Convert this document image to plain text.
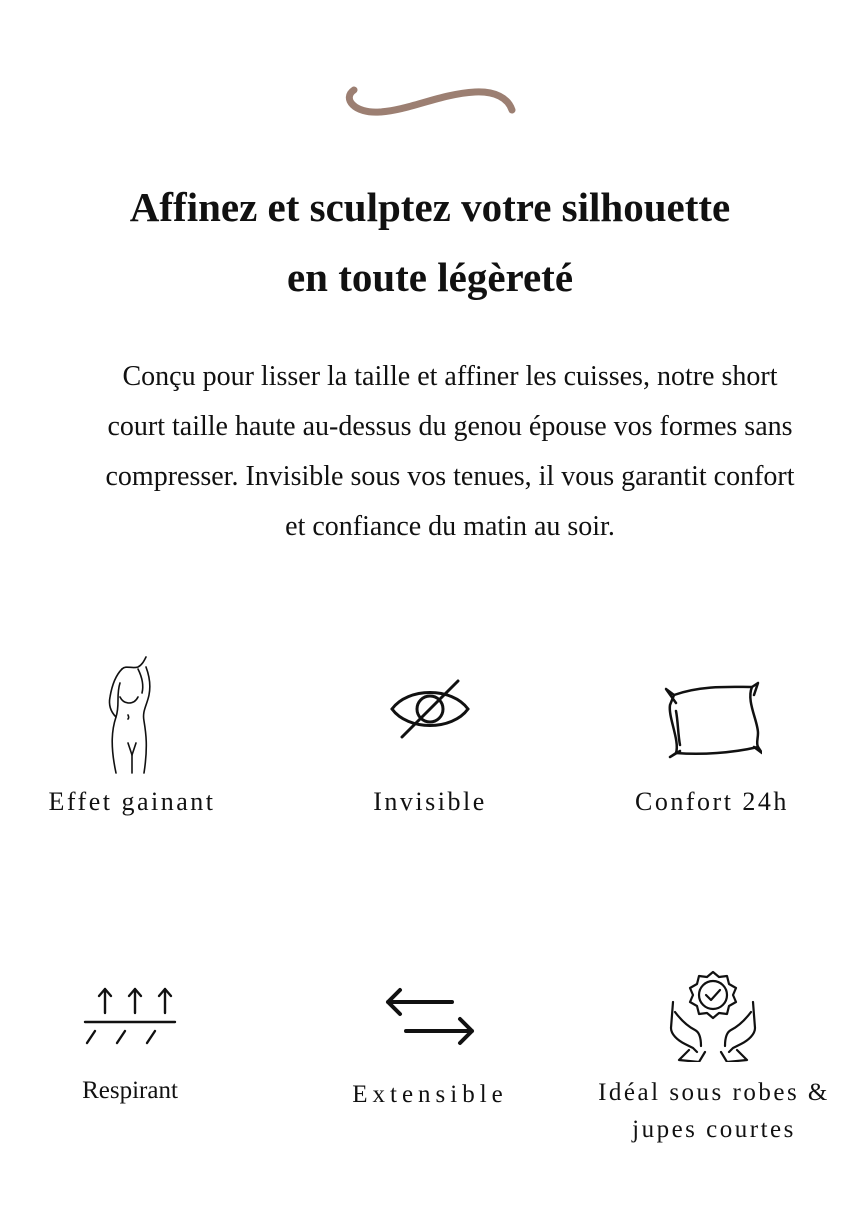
Affinez et sculptez votre silhouette
en toute légèreté

Conçu pour lisser la taille et affiner les cuisses, notre short court taille haute au-dessus du genou épouse vos formes sans compresser. Invisible sous vos tenues, il vous garantit confort et confiance du matin au soir.

Effet gainant	Invisible	Confort 24h
Respirant	Extensible	Idéal sous robes & jupes courtes
